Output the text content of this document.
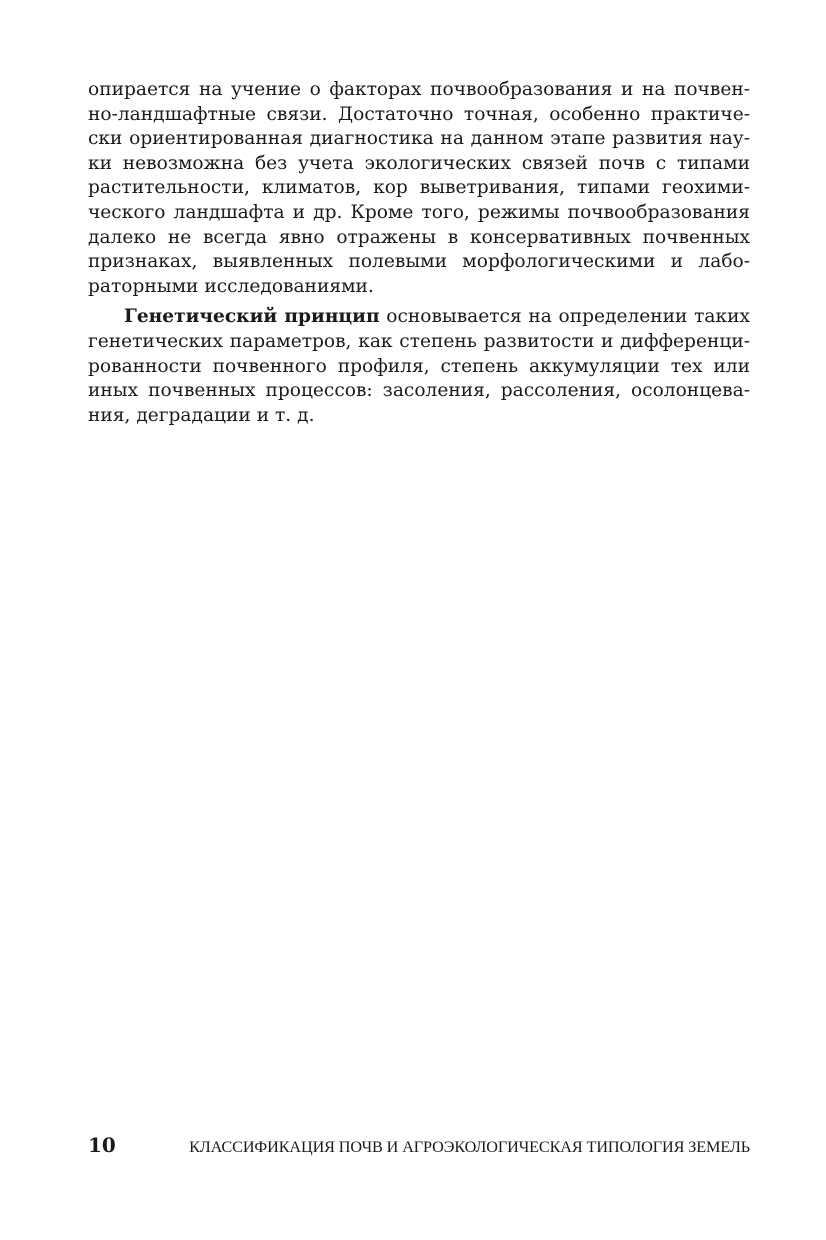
опирается на учение о факторах почвообразования и на почвен-
но-ландшафтные связи. Достаточно точная, особенно практиче-
ски ориентированная диагностика на данном этапе развития нау-
ки невозможна без учета экологических связей почв с типами
растительности, климатов, кор выветривания, типами геохими-
ческого ландшафта и др. Кроме того, режимы почвообразования
далеко не всегда явно отражены в консервативных почвенных
признаках, выявленных полевыми морфологическими и лабо-
раторными исследованиями.
Генетический принцип основывается на определении таких
генетических параметров, как степень развитости и дифференци-
рованности почвенного профиля, степень аккумуляции тех или
иных почвенных процессов: засоления, рассоления, осолонцева-
ния, деградации и т. д.
10	КЛАССИФИКАЦИЯ ПОЧВ И АГРОЭКОЛОГИЧЕСКАЯ ТИПОЛОГИЯ ЗЕМЕЛЬ
